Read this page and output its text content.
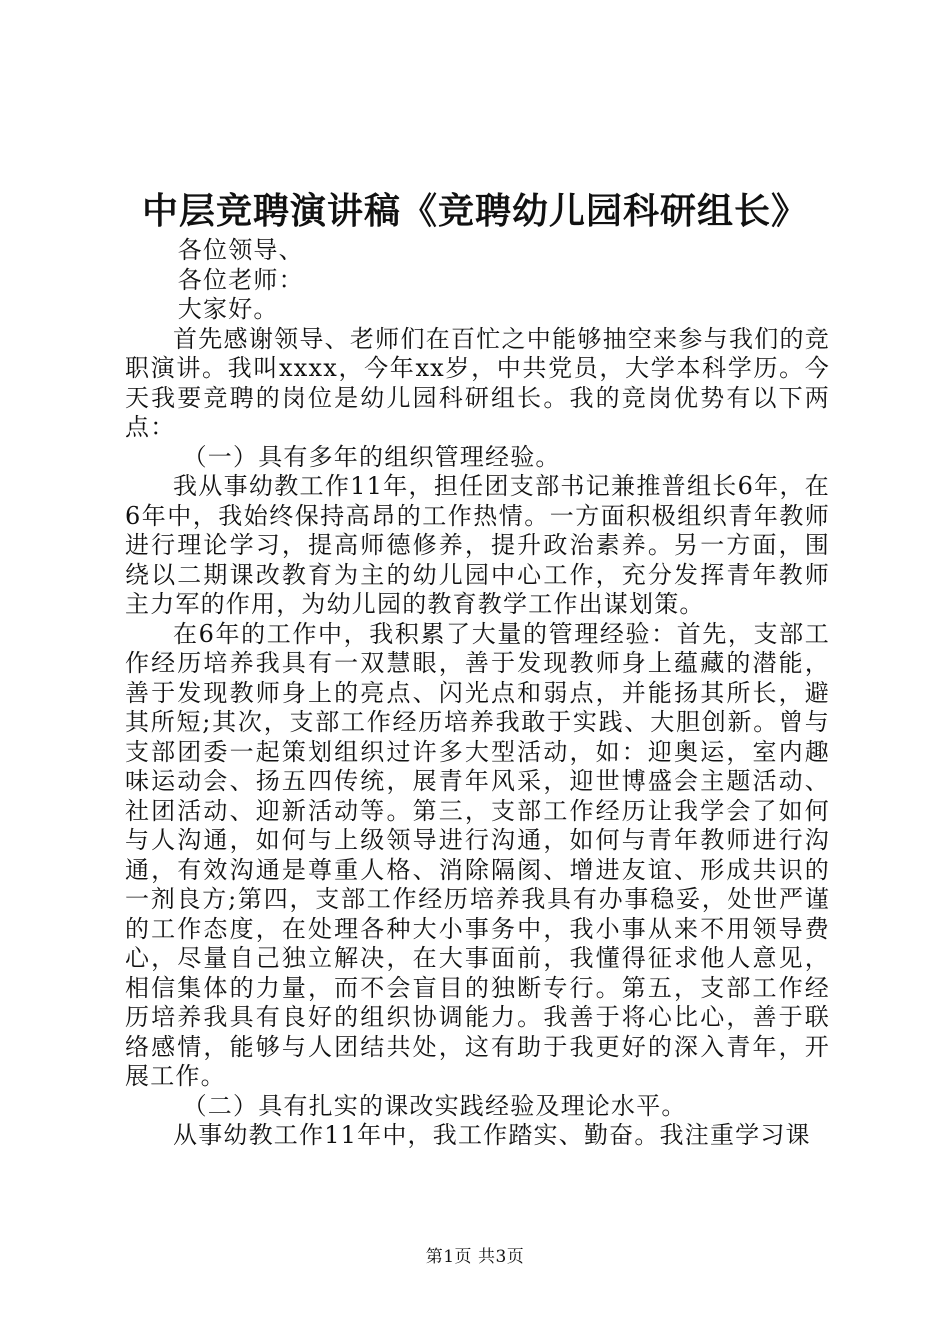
中层竞聘演讲稿《竞聘幼儿园科研组长》

各位领导、

各位老师：

大家好。

首先感谢领导、老师们在百忙之中能够抽空来参与我们的竞职演讲。我叫xxxx，今年xx岁，中共党员，大学本科学历。今天我要竞聘的岗位是幼儿园科研组长。我的竞岗优势有以下两点：

（一）具有多年的组织管理经验。

我从事幼教工作11年，担任团支部书记兼推普组长6年，在6年中，我始终保持高昂的工作热情。一方面积极组织青年教师进行理论学习，提高师德修养，提升政治素养。另一方面，围绕以二期课改教育为主的幼儿园中心工作，充分发挥青年教师主力军的作用，为幼儿园的教育教学工作出谋划策。

在6年的工作中，我积累了大量的管理经验：首先，支部工作经历培养我具有一双慧眼，善于发现教师身上蕴藏的潜能，善于发现教师身上的亮点、闪光点和弱点，并能扬其所长，避其所短;其次，支部工作经历培养我敢于实践、大胆创新。曾与支部团委一起策划组织过许多大型活动，如：迎奥运，室内趣味运动会、扬五四传统，展青年风采，迎世博盛会主题活动、社团活动、迎新活动等。第三，支部工作经历让我学会了如何与人沟通，如何与上级领导进行沟通，如何与青年教师进行沟通，有效沟通是尊重人格、消除隔阂、增进友谊、形成共识的一剂良方;第四，支部工作经历培养我具有办事稳妥，处世严谨的工作态度，在处理各种大小事务中，我小事从来不用领导费心，尽量自己独立解决，在大事面前，我懂得征求他人意见，相信集体的力量，而不会盲目的独断专行。第五，支部工作经历培养我具有良好的组织协调能力。我善于将心比心，善于联络感情，能够与人团结共处，这有助于我更好的深入青年，开展工作。

（二）具有扎实的课改实践经验及理论水平。

从事幼教工作11年中，我工作踏实、勤奋。我注重学习课

第1页 共3页
